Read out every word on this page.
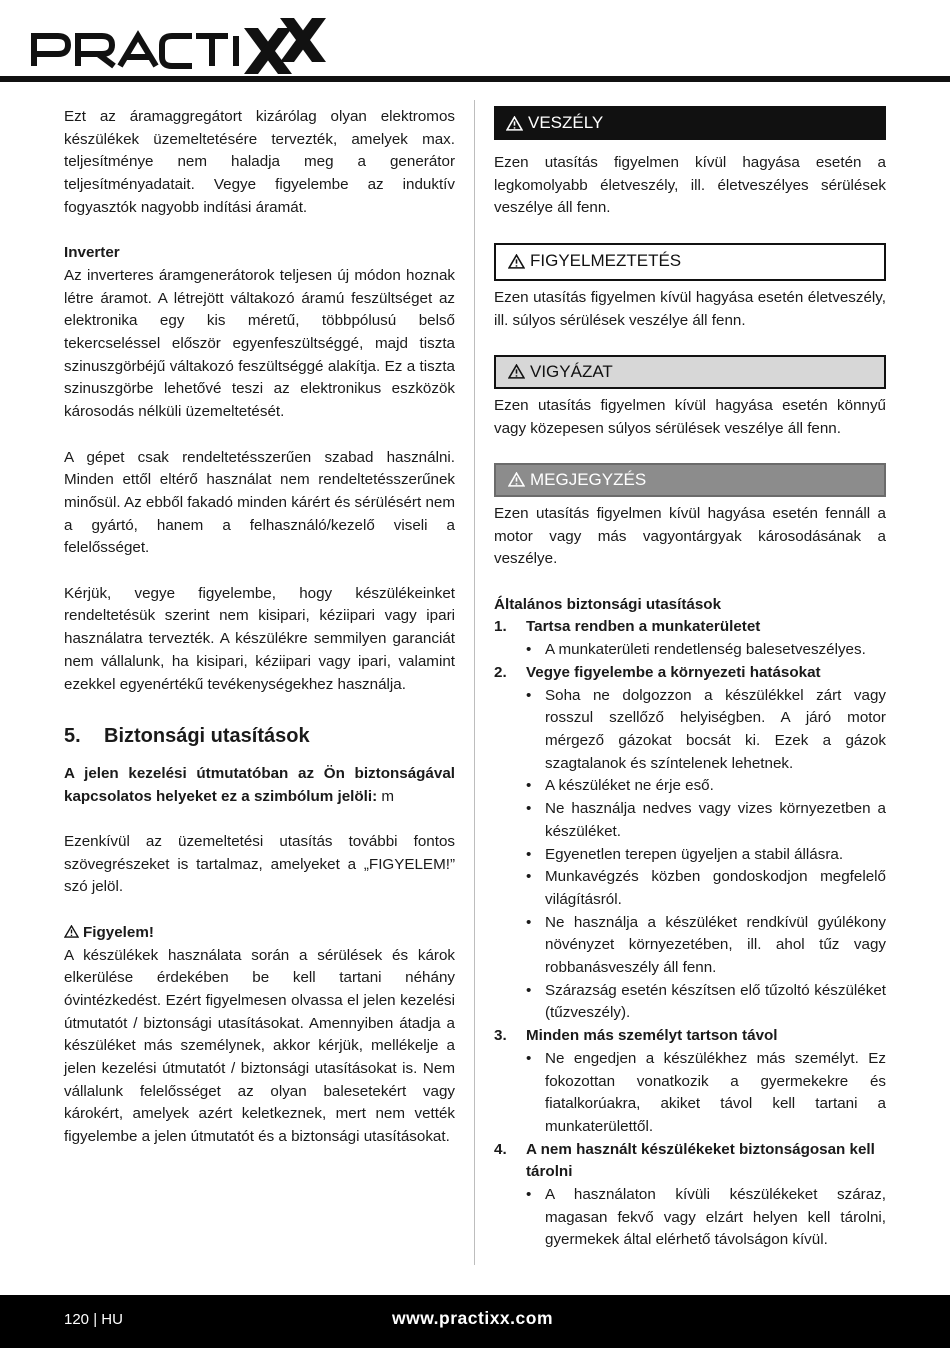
Ezt az áramaggregátort kizárólag olyan elektromos készülékek üzemeltetésére tervezték, amelyek max. teljesítménye nem haladja meg a generátor teljesítményadatait. Vegye figyelembe az induktív fogyasztók nagyobb indítási áramát.

Inverter

Az inverteres áramgenerátorok teljesen új módon hoznak létre áramot. A létrejött váltakozó áramú feszültséget az elektronika egy kis méretű, többpólusú belső tekercseléssel először egyenfeszültséggé, majd tiszta szinuszgörbéjű váltakozó feszültséggé alakítja. Ez a tiszta szinuszgörbe lehetővé teszi az elektronikus eszközök károsodás nélküli üzemeltetését.

A gépet csak rendeltetésszerűen szabad használni. Minden ettől eltérő használat nem rendeltetésszerűnek minősül. Az ebből fakadó minden kárért és sérülésért nem a gyártó, hanem a felhasználó/kezelő viseli a felelősséget.

Kérjük, vegye figyelembe, hogy készülékeinket rendeltetésük szerint nem kisipari, kéziipari vagy ipari használatra tervezték. A készülékre semmilyen garanciát nem vállalunk, ha kisipari, kéziipari vagy ipari, valamint ezekkel egyenértékű tevékenységekhez használja.

5.	Biztonsági utasítások

A jelen kezelési útmutatóban az Ön biztonságával kapcsolatos helyeket ez a szimbólum jelöli: m

Ezenkívül az üzemeltetési utasítás további fontos szövegrészeket is tartalmaz, amelyeket a „FIGYELEM!” szó jelöl.

Figyelem!

A készülékek használata során a sérülések és károk elkerülése érdekében be kell tartani néhány óvintézkedést. Ezért figyelmesen olvassa el jelen kezelési útmutatót / biztonsági utasításokat. Amennyiben átadja a készüléket más személynek, akkor kérjük, mellékelje a jelen kezelési útmutatót / biztonsági utasításokat is. Nem vállalunk felelősséget az olyan balesetekért vagy károkért, amelyek azért keletkeznek, mert nem vették figyelembe a jelen útmutatót és a biztonsági utasításokat.

VESZÉLY

Ezen utasítás figyelmen kívül hagyása esetén a legkomolyabb életveszély, ill. életveszélyes sérülések veszélye áll fenn.

FIGYELMEZTETÉS

Ezen utasítás figyelmen kívül hagyása esetén életveszély, ill. súlyos sérülések veszélye áll fenn.

VIGYÁZAT

Ezen utasítás figyelmen kívül hagyása esetén könnyű vagy közepesen súlyos sérülések veszélye áll fenn.

MEGJEGYZÉS

Ezen utasítás figyelmen kívül hagyása esetén fennáll a motor vagy más vagyontárgyak károsodásának a veszélye.

Általános biztonsági utasítások

1.	Tartsa rendben a munkaterületet
• A munkaterületi rendetlenség balesetveszélyes.
2.	Vegye figyelembe a környezeti hatásokat
• Soha ne dolgozzon a készülékkel zárt vagy rosszul szellőző helyiségben. A járó motor mérgező gázokat bocsát ki. Ezek a gázok szagtalanok és színtelenek lehetnek.
• A készüléket ne érje eső.
• Ne használja nedves vagy vizes környezetben a készüléket.
• Egyenetlen terepen ügyeljen a stabil állásra.
• Munkavégzés közben gondoskodjon megfelelő világításról.
• Ne használja a készüléket rendkívül gyúlékony növényzet környezetében, ill. ahol tűz vagy robbanásveszély áll fenn.
• Szárazság esetén készítsen elő tűzoltó készüléket (tűzveszély).
3.	Minden más személyt tartson távol
• Ne engedjen a készülékhez más személyt. Ez fokozottan vonatkozik a gyermekekre és fiatalkorúakra, akiket távol kell tartani a munkaterülettől.
4.	A nem használt készülékeket biztonságosan kell tárolni
• A használaton kívüli készülékeket száraz, magasan fekvő vagy elzárt helyen kell tárolni, gyermekek által elérhető távolságon kívül.
120 | HU	www.practixx.com
